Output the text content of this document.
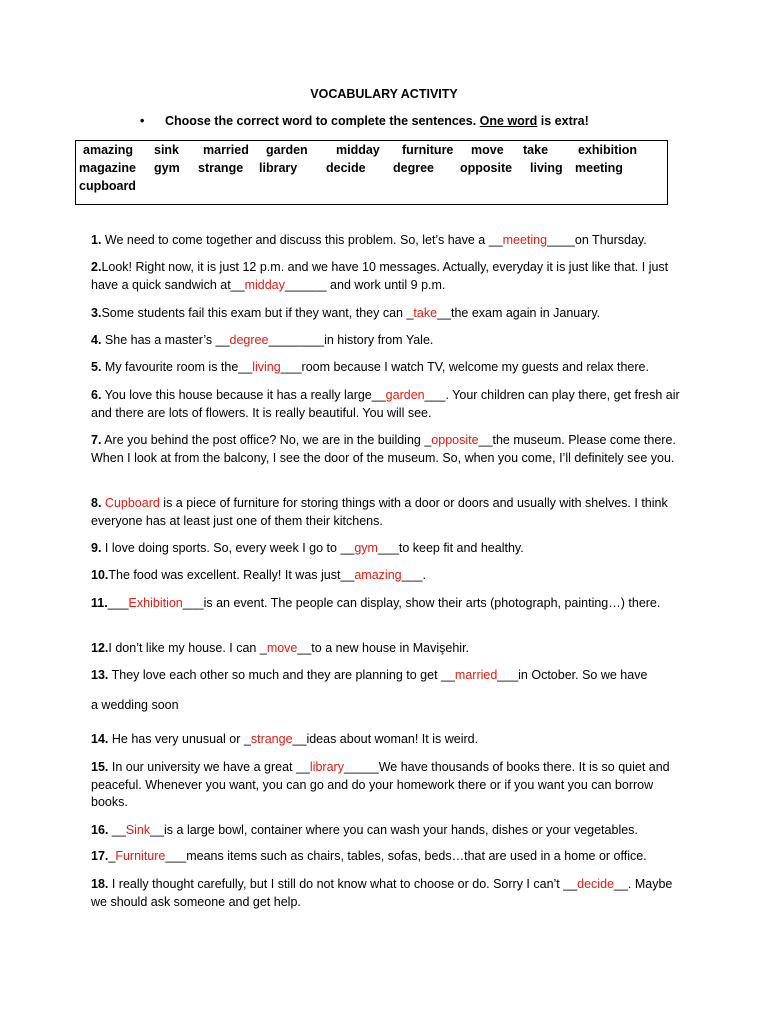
VOCABULARY ACTIVITY
• Choose the correct word to complete the sentences. One word is extra!
amazing sink married garden midday furniture move take exhibition
magazine gym strange library decide degree opposite living meeting
cupboard
1. We need to come together and discuss this problem. So, let’s have a __meeting____on Thursday.
2.Look! Right now, it is just 12 p.m. and we have 10 messages. Actually, everyday it is just like that. I just have a quick sandwich at__midday______ and work until 9 p.m.
3.Some students fail this exam but if they want, they can _take__the exam again in January.
4. She has a master’s __degree________in history from Yale.
5. My favourite room is the__living___room because I watch TV, welcome my guests and relax there.
6. You love this house because it has a really large__garden___. Your children can play there, get fresh air and there are lots of flowers. It is really beautiful. You will see.
7. Are you behind the post office? No, we are in the building _opposite__the museum. Please come there. When I look at from the balcony, I see the door of the museum. So, when you come, I’ll definitely see you.
8. Cupboard is a piece of furniture for storing things with a door or doors and usually with shelves. I think everyone has at least just one of them their kitchens.
9. I love doing sports. So, every week I go to __gym___to keep fit and healthy.
10.The food was excellent. Really! It was just__amazing___.
11.___Exhibition___is an event. The people can display, show their arts (photograph, painting…) there.
12.I don’t like my house. I can _move__to a new house in Mavişehir.
13. They love each other so much and they are planning to get __married___in October. So we have
a wedding soon
14. He has very unusual or _strange__ideas about woman! It is weird.
15. In our university we have a great __library_____We have thousands of books there. It is so quiet and peaceful. Whenever you want, you can go and do your homework there or if you want you can borrow books.
16. __Sink__is a large bowl, container where you can wash your hands, dishes or your vegetables.
17._Furniture___means items such as chairs, tables, sofas, beds…that are used in a home or office.
18. I really thought carefully, but I still do not know what to choose or do. Sorry I can’t __decide__. Maybe we should ask someone and get help.
